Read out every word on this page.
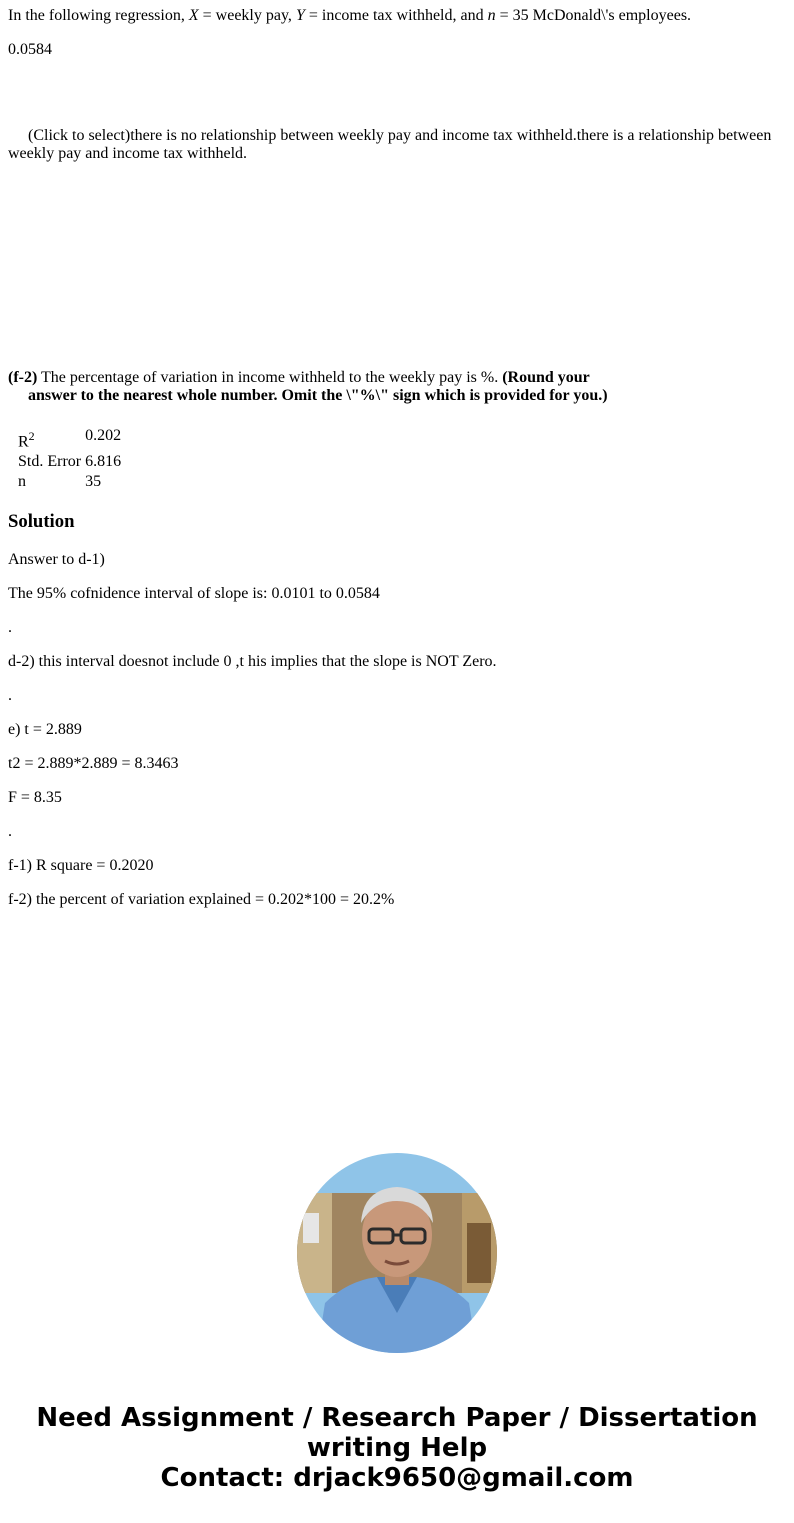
In the following regression, X = weekly pay, Y = income tax withheld, and n = 35 McDonald\'s employees.
0.0584
(Click to select)there is no relationship between weekly pay and income tax withheld.there is a relationship between weekly pay and income tax withheld.
(f-2) The percentage of variation in income withheld to the weekly pay is %. (Round your
answer to the nearest whole number. Omit the \"%\" sign which is provided for you.)
$R^2$	0.202
Std. Error	6.816
n	35
Solution
Answer to d-1)
The 95% cofnidence interval of slope is: 0.0101 to 0.0584
.
d-2) this interval doesnot include 0 ,t his implies that the slope is NOT Zero.
.
e) t = 2.889
t2 = 2.889*2.889 = 8.3463
F = 8.35
.
f-1) R square = 0.2020
f-2) the percent of variation explained = 0.202*100 = 20.2%
Need Assignment / Research Paper / Dissertation
writing Help
Contact: drjack9650@gmail.com
